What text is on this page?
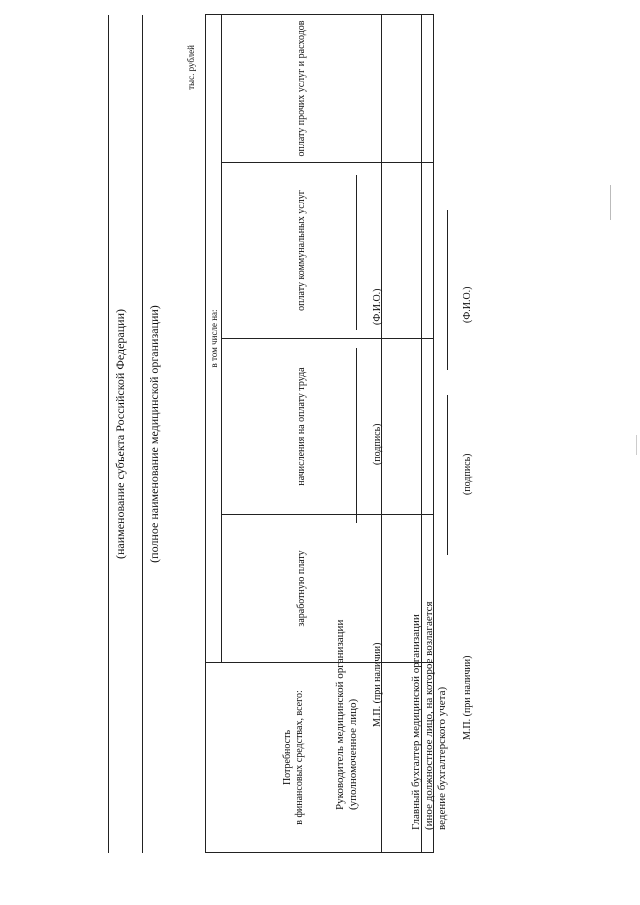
(наименование субъекта Российской Федерации) (полное наименование медицинской организации)
тыс. рублей
Потребность
в финансовых средствах, всего:	в том числе на:			
	заработную плату	начисления на оплату труда	оплату коммунальных услуг	оплату прочих услуг и расходов

Руководитель медицинской организации
(уполномоченное лицо)
М.П. (при наличии)
(подпись)
(Ф.И.О.)
Главный бухгалтер медицинской организации
(иное должностное лицо, на которое возлагается
ведение бухгалтерского учета) М.П. (при наличии)
(подпись)
(Ф.И.О.)
